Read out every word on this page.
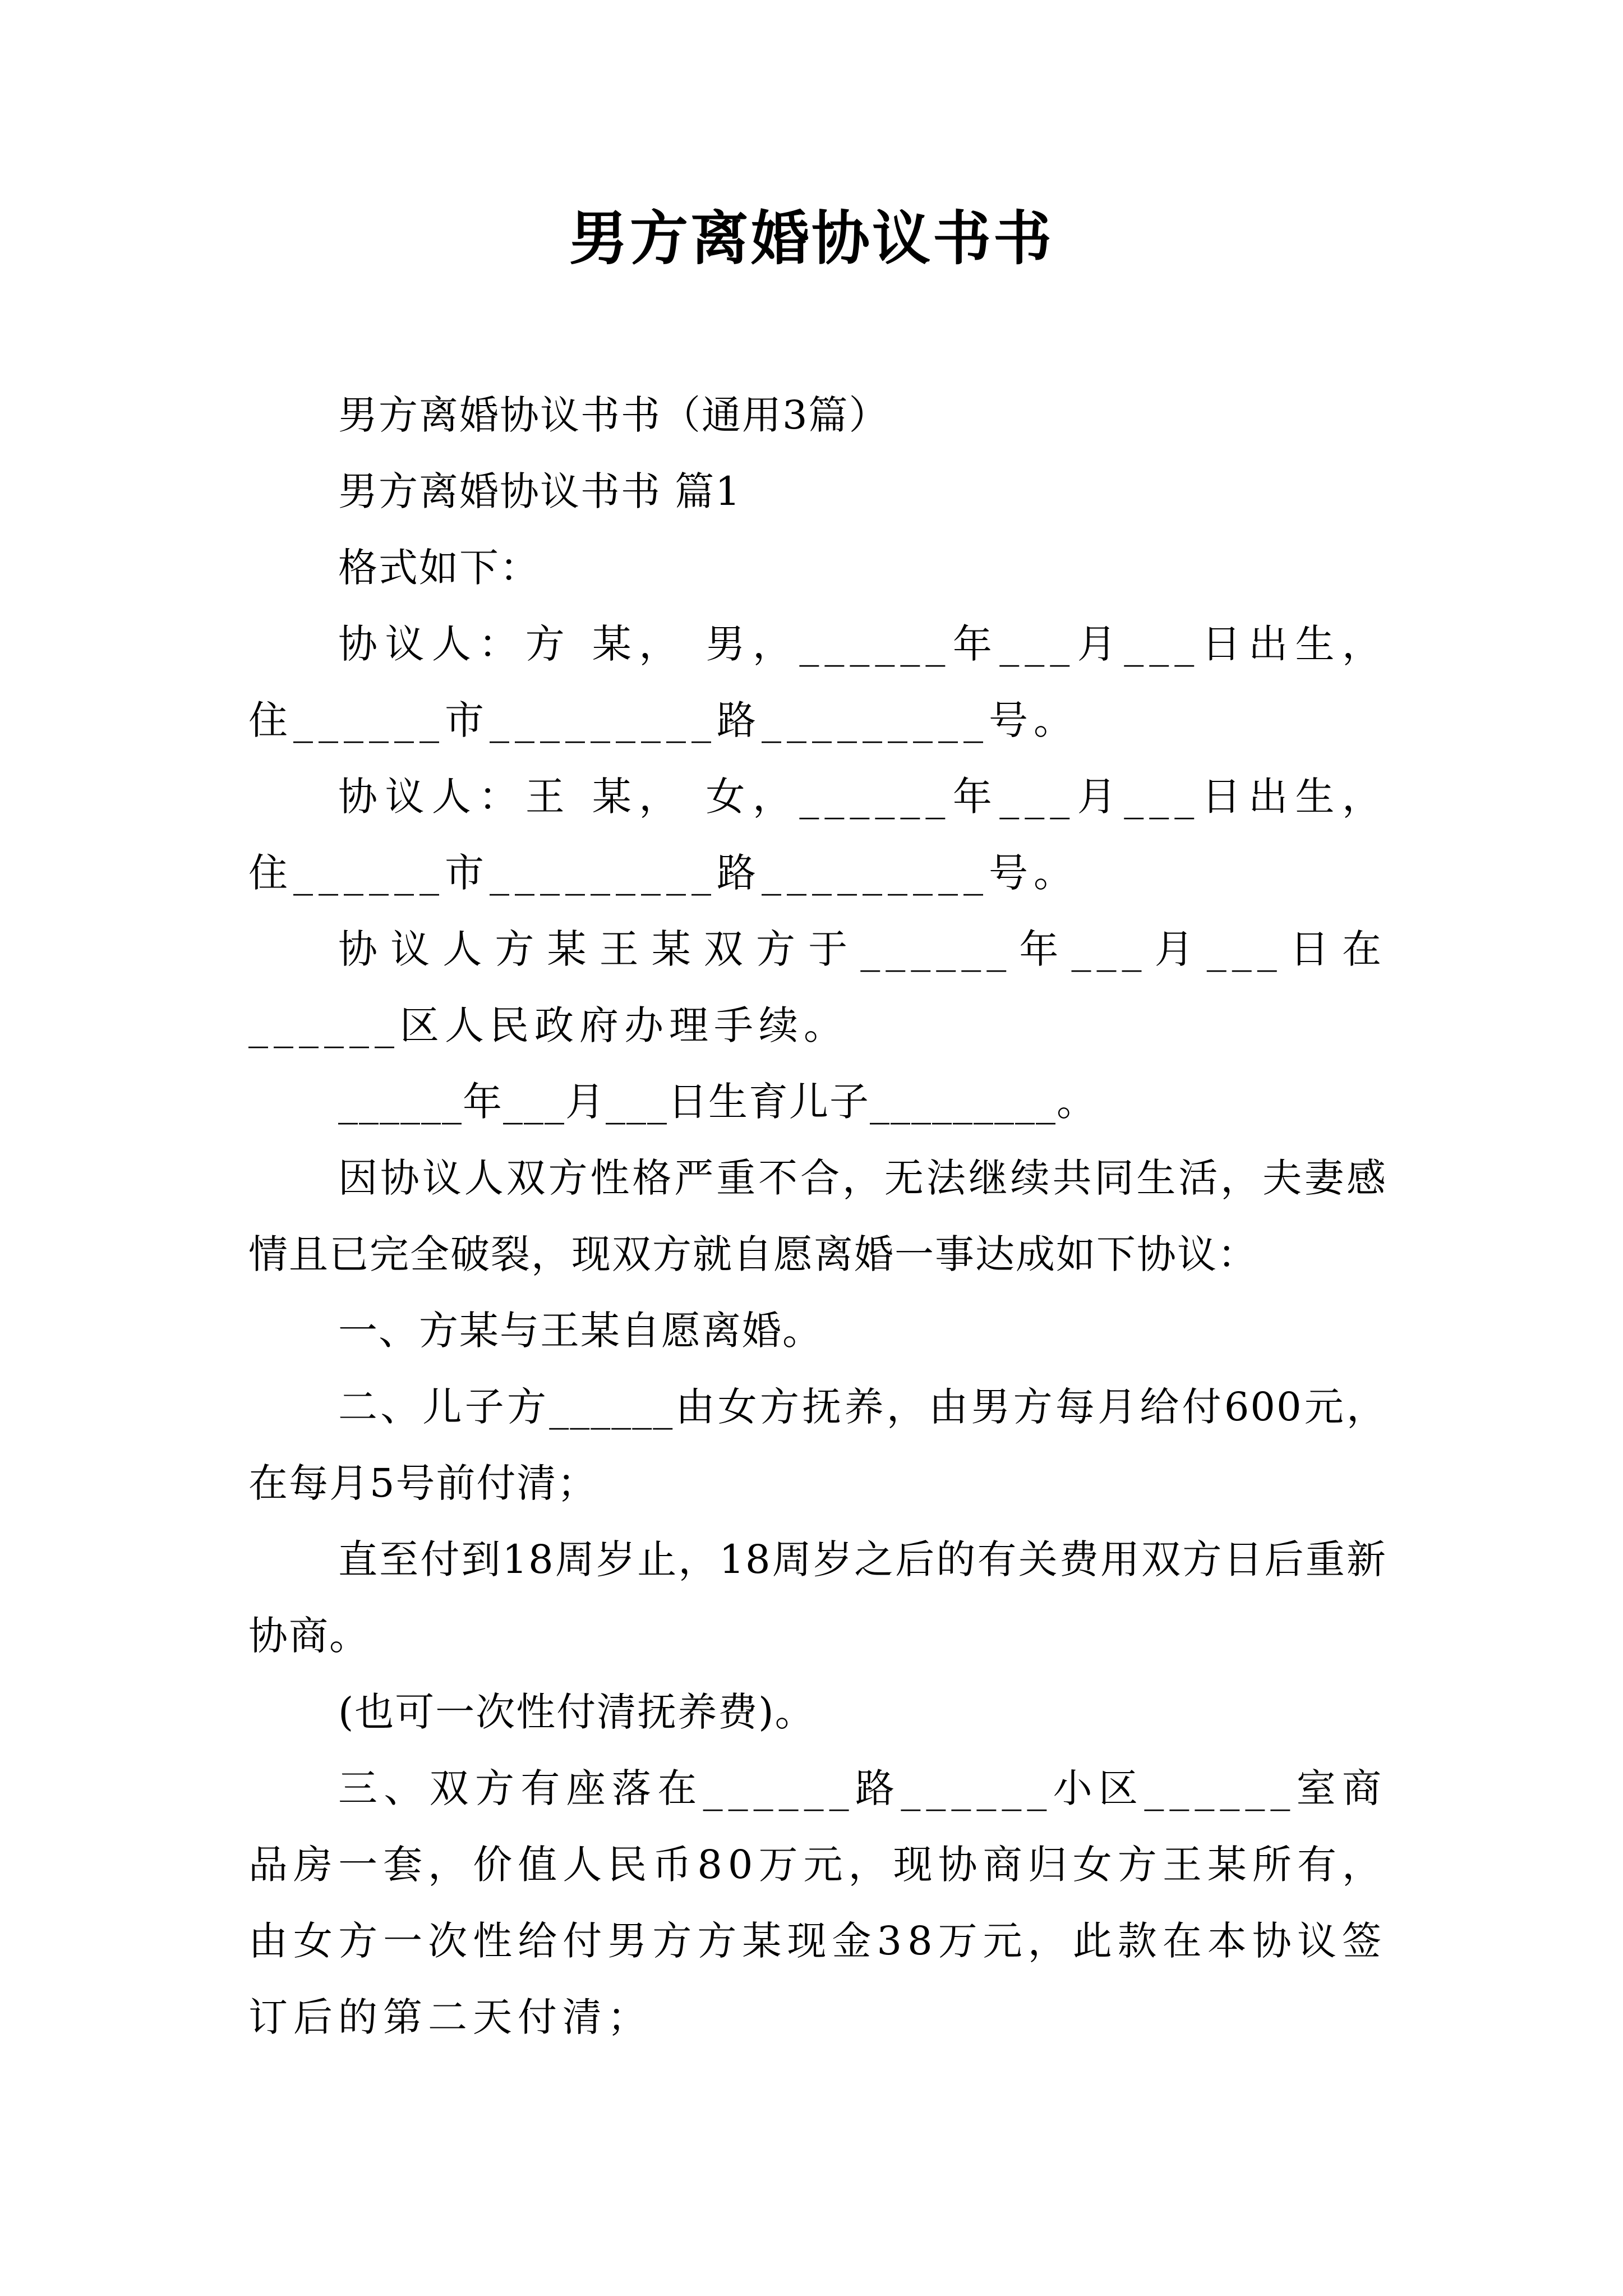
男方离婚协议书书

男方离婚协议书书（通用3篇）

男方离婚协议书书 篇1

格式如下：

协议人：方 某， 男，______年___月___日出生，住______市_________路_________号。

协议人：王 某， 女，______年___月___日出生，住______市_________路_________号。

协议人方某王某双方于______年___月___日在______区人民政府办理手续。

______年___月___日生育儿子_________。

因协议人双方性格严重不合，无法继续共同生活，夫妻感情且已完全破裂，现双方就自愿离婚一事达成如下协议：

一、方某与王某自愿离婚。

二、儿子方______由女方抚养，由男方每月给付600元，在每月5号前付清；

直至付到18周岁止，18周岁之后的有关费用双方日后重新协商。

(也可一次性付清抚养费)。

三、双方有座落在______路______小区______室商品房一套，价值人民币80万元，现协商归女方王某所有，由女方一次性给付男方方某现金38万元，此款在本协议签订后的第二天付清；
